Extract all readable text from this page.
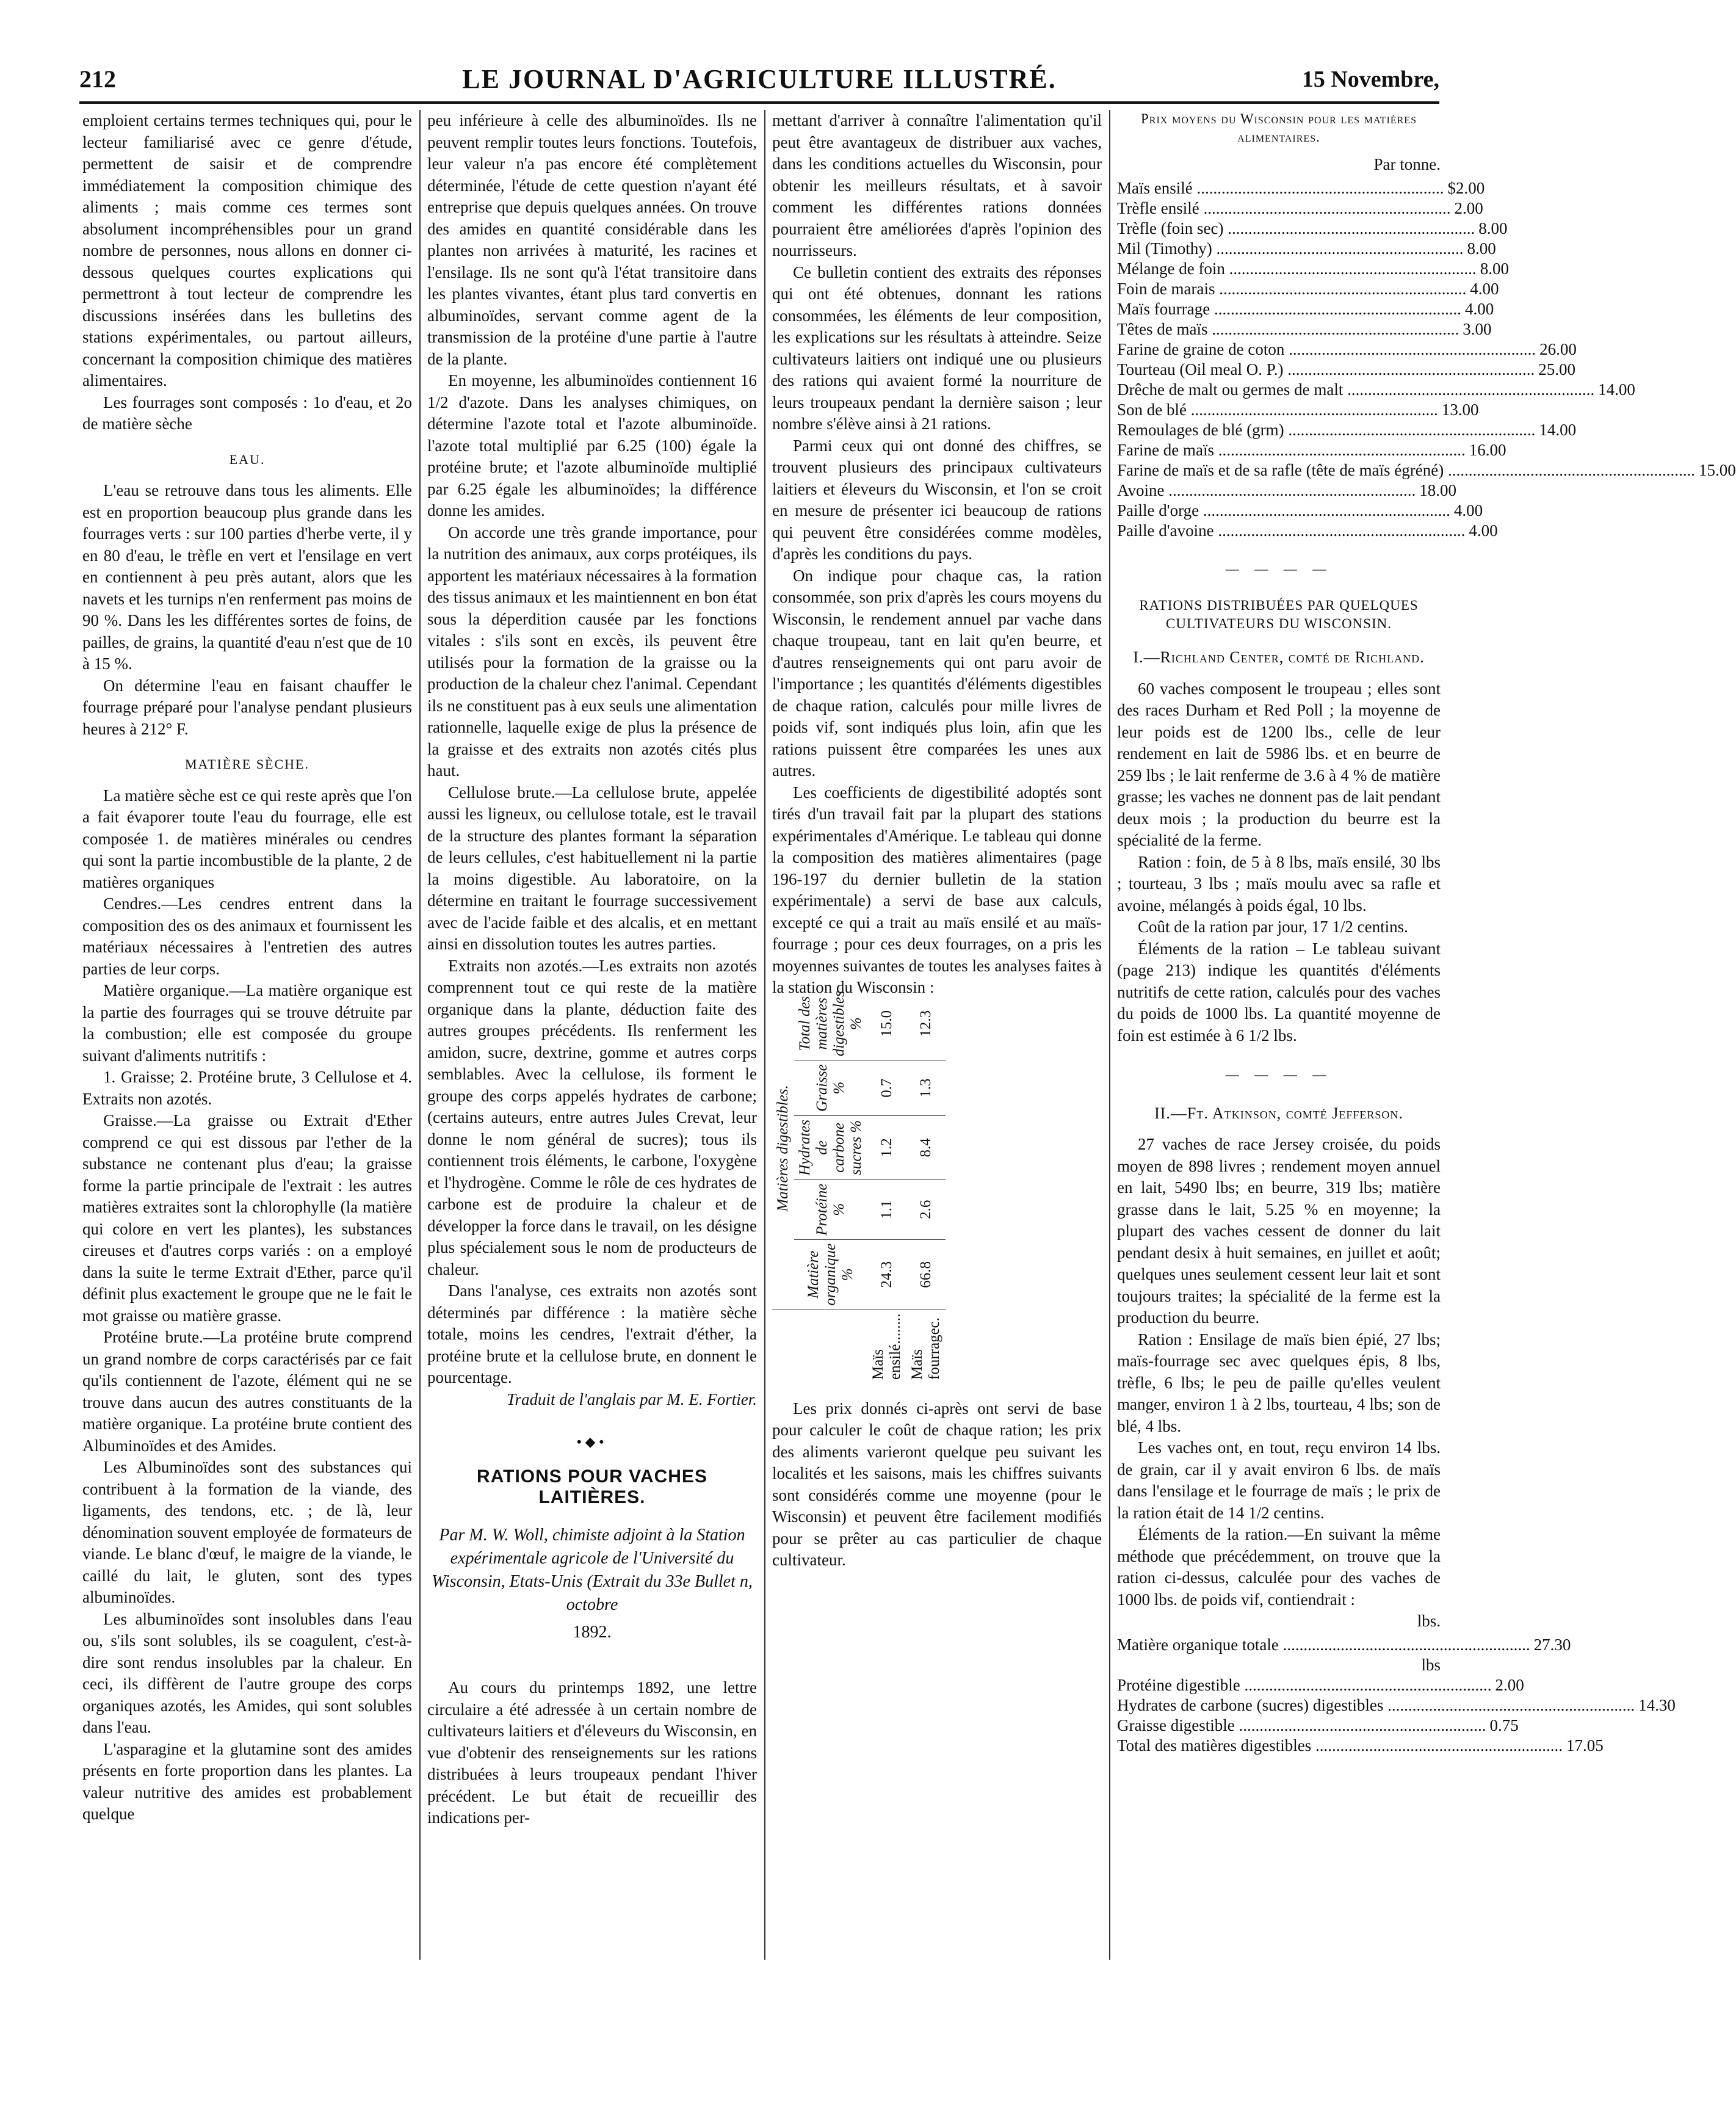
212	LE JOURNAL D'AGRICULTURE ILLUSTRÉ.	15 Novembre,

emploient certains termes techniques qui, pour le lecteur familiarisé avec ce genre d'étude, permettent de saisir et de comprendre immédiatement la composition chimique des aliments ; mais comme ces termes sont absolument incompréhensibles pour un grand nombre de personnes, nous allons en donner ci-dessous quelques courtes explications qui permettront à tout lecteur de comprendre les discussions insérées dans les bulletins des stations expérimentales, ou partout ailleurs, concernant la composition chimique des matières alimentaires.

Les fourrages sont composés : 1o d'eau, et 2o de matière sèche

EAU.

L'eau se retrouve dans tous les aliments. Elle est en proportion beaucoup plus grande dans les fourrages verts : sur 100 parties d'herbe verte, il y en 80 d'eau, le trèfle en vert et l'ensilage en vert en contiennent à peu près autant, alors que les navets et les turnips n'en renferment pas moins de 90 %. Dans les les différentes sortes de foins, de pailles, de grains, la quantité d'eau n'est que de 10 à 15 %.

On détermine l'eau en faisant chauffer le fourrage préparé pour l'analyse pendant plusieurs heures à 212° F.

MATIÈRE SÈCHE.

La matière sèche est ce qui reste après que l'on a fait évaporer toute l'eau du fourrage, elle est composée 1. de matières minérales ou cendres qui sont la partie incombustible de la plante, 2 de matières organiques

Cendres.—Les cendres entrent dans la composition des os des animaux et fournissent les matériaux nécessaires à l'entretien des autres parties de leur corps.

Matière organique.—La matière organique est la partie des fourrages qui se trouve détruite par la combustion; elle est composée du groupe suivant d'aliments nutritifs :

1. Graisse; 2. Protéine brute, 3 Cellulose et 4. Extraits non azotés.

Graisse.—La graisse ou Extrait d'Ether comprend ce qui est dissous par l'ether de la substance ne contenant plus d'eau; la graisse forme la partie principale de l'extrait : les autres matières extraites sont la chlorophylle (la matière qui colore en vert les plantes), les substances cireuses et d'autres corps variés : on a employé dans la suite le terme Extrait d'Ether, parce qu'il définit plus exactement le groupe que ne le fait le mot graisse ou matière grasse.

Protéine brute.—La protéine brute comprend un grand nombre de corps caractérisés par ce fait qu'ils contiennent de l'azote, élément qui ne se trouve dans aucun des autres constituants de la matière organique. La protéine brute contient des Albuminoïdes et des Amides.

Les Albuminoïdes sont des substances qui contribuent à la formation de la viande, des ligaments, des tendons, etc. ; de là, leur dénomination souvent employée de formateurs de viande. Le blanc d'œuf, le maigre de la viande, le caillé du lait, le gluten, sont des types albuminoïdes.

Les albuminoïdes sont insolubles dans l'eau ou, s'ils sont solubles, ils se coagulent, c'est-à-dire sont rendus insolubles par la chaleur. En ceci, ils diffèrent de l'autre groupe des corps organiques azotés, les Amides, qui sont solubles dans l'eau.

L'asparagine et la glutamine sont des amides présents en forte proportion dans les plantes. La valeur nutritive des amides est probablement quelque

peu inférieure à celle des albuminoïdes. Ils ne peuvent remplir toutes leurs fonctions. Toutefois, leur valeur n'a pas encore été complètement déterminée, l'étude de cette question n'ayant été entreprise que depuis quelques années. On trouve des amides en quantité considérable dans les plantes non arrivées à maturité, les racines et l'ensilage. Ils ne sont qu'à l'état transitoire dans les plantes vivantes, étant plus tard convertis en albuminoïdes, servant comme agent de la transmission de la protéine d'une partie à l'autre de la plante.

En moyenne, les albuminoïdes contiennent 16 1/2 d'azote. Dans les analyses chimiques, on détermine l'azote total et l'azote albuminoïde. l'azote total multiplié par 6.25 (100) égale la protéine brute; et l'azote albuminoïde multiplié par 6.25 égale les albuminoïdes; la différence donne les amides.

On accorde une très grande importance, pour la nutrition des animaux, aux corps protéiques, ils apportent les matériaux nécessaires à la formation des tissus animaux et les maintiennent en bon état sous la déperdition causée par les fonctions vitales : s'ils sont en excès, ils peuvent être utilisés pour la formation de la graisse ou la production de la chaleur chez l'animal. Cependant ils ne constituent pas à eux seuls une alimentation rationnelle, laquelle exige de plus la présence de la graisse et des extraits non azotés cités plus haut.

Cellulose brute.—La cellulose brute, appelée aussi les ligneux, ou cellulose totale, est le travail de la structure des plantes formant la séparation de leurs cellules, c'est habituellement ni la partie la moins digestible. Au laboratoire, on la détermine en traitant le fourrage successivement avec de l'acide faible et des alcalis, et en mettant ainsi en dissolution toutes les autres parties.

Extraits non azotés.—Les extraits non azotés comprennent tout ce qui reste de la matière organique dans la plante, déduction faite des autres groupes précédents. Ils renferment les amidon, sucre, dextrine, gomme et autres corps semblables. Avec la cellulose, ils forment le groupe des corps appelés hydrates de carbone; (certains auteurs, entre autres Jules Crevat, leur donne le nom général de sucres); tous ils contiennent trois éléments, le carbone, l'oxygène et l'hydrogène. Comme le rôle de ces hydrates de carbone est de produire la chaleur et de développer la force dans le travail, on les désigne plus spécialement sous le nom de producteurs de chaleur.

Dans l'analyse, ces extraits non azotés sont déterminés par différence : la matière sèche totale, moins les cendres, l'extrait d'éther, la protéine brute et la cellulose brute, en donnent le pourcentage.

Traduit de l'anglais par M. E. Fortier.

•◆•
RATIONS POUR VACHES LAITIÈRES.
Par M. W. Woll, chimiste adjoint à la Station expérimentale agricole de l'Université du Wisconsin, Etats-Unis (Extrait du 33e Bullet n, octobre
1892.

Au cours du printemps 1892, une lettre circulaire a été adressée à un certain nombre de cultivateurs laitiers et d'éleveurs du Wisconsin, en vue d'obtenir des renseignements sur les rations distribuées à leurs troupeaux pendant l'hiver précédent. Le but était de recueillir des indications per-

mettant d'arriver à connaître l'alimentation qu'il peut être avantageux de distribuer aux vaches, dans les conditions actuelles du Wisconsin, pour obtenir les meilleurs résultats, et à savoir comment les différentes rations données pourraient être améliorées d'après l'opinion des nourrisseurs.

Ce bulletin contient des extraits des réponses qui ont été obtenues, donnant les rations consommées, les éléments de leur composition, les explications sur les résultats à atteindre. Seize cultivateurs laitiers ont indiqué une ou plusieurs des rations qui avaient formé la nourriture de leurs troupeaux pendant la dernière saison ; leur nombre s'élève ainsi à 21 rations.

Parmi ceux qui ont donné des chiffres, se trouvent plusieurs des principaux cultivateurs laitiers et éleveurs du Wisconsin, et l'on se croit en mesure de présenter ici beaucoup de rations qui peuvent être considérées comme modèles, d'après les conditions du pays.

On indique pour chaque cas, la ration consommée, son prix d'après les cours moyens du Wisconsin, le rendement annuel par vache dans chaque troupeau, tant en lait qu'en beurre, et d'autres renseignements qui ont paru avoir de l'importance ; les quantités d'éléments digestibles de chaque ration, calculés pour mille livres de poids vif, sont indiqués plus loin, afin que les rations puissent être comparées les unes aux autres.

Les coefficients de digestibilité adoptés sont tirés d'un travail fait par la plupart des stations expérimentales d'Amérique. Le tableau qui donne la composition des matières alimentaires (page 196-197 du dernier bulletin de la station expérimentale) a servi de base aux calculs, excepté ce qui a trait au maïs ensilé et au maïs-fourrage ; pour ces deux fourrages, on a pris les moyennes suivantes de toutes les analyses faites à la station du Wisconsin :

	Matières digestibles.				
	Matière organique %	Protéine %	Hydrates de carbone sucres %	Graisse %	Total des matières digestibles %
Maïs ensilé........	24.3	1.1	1.2	0.7	15.0
Maïs fourragec.	66.8	2.6	8.4	1.3	12.3

Les prix donnés ci-après ont servi de base pour calculer le coût de chaque ration; les prix des aliments varieront quelque peu suivant les localités et les saisons, mais les chiffres suivants sont considérés comme une moyenne (pour le Wisconsin) et peuvent être facilement modifiés pour se prêter au cas particulier de chaque cultivateur.

Prix moyens du Wisconsin pour les matières alimentaires.
Par tonne.
Maïs ensilé ............................................................ $2.00
Trèfle ensilé ............................................................ 2.00
Trèfle (foin sec) ............................................................ 8.00
Mil (Timothy) ............................................................ 8.00
Mélange de foin ............................................................ 8.00
Foin de marais ............................................................ 4.00
Maïs fourrage ............................................................ 4.00
Têtes de maïs ............................................................ 3.00
Farine de graine de coton ............................................................ 26.00
Tourteau (Oil meal O. P.) ............................................................ 25.00
Drêche de malt ou germes de malt ............................................................ 14.00
Son de blé ............................................................ 13.00
Remoulages de blé (grm) ............................................................ 14.00
Farine de maïs ............................................................ 16.00
Farine de maïs et de sa rafle (tête de maïs égréné) ............................................................ 15.00
Avoine ............................................................ 18.00
Paille d'orge ............................................................ 4.00
Paille d'avoine ............................................................ 4.00
— — — —
RATIONS DISTRIBUÉES PAR QUELQUES CULTIVATEURS DU WISCONSIN.
I.—Richland Center, comté de Richland.

60 vaches composent le troupeau ; elles sont des races Durham et Red Poll ; la moyenne de leur poids est de 1200 lbs., celle de leur rendement en lait de 5986 lbs. et en beurre de 259 lbs ; le lait renferme de 3.6 à 4 % de matière grasse; les vaches ne donnent pas de lait pendant deux mois ; la production du beurre est la spécialité de la ferme.

Ration : foin, de 5 à 8 lbs, maïs ensilé, 30 lbs ; tourteau, 3 lbs ; maïs moulu avec sa rafle et avoine, mélangés à poids égal, 10 lbs.

Coût de la ration par jour, 17 1/2 centins.

Éléments de la ration – Le tableau suivant (page 213) indique les quantités d'éléments nutritifs de cette ration, calculés pour des vaches du poids de 1000 lbs. La quantité moyenne de foin est estimée à 6 1/2 lbs.

— — — —
II.—Ft. Atkinson, comté Jefferson.

27 vaches de race Jersey croisée, du poids moyen de 898 livres ; rendement moyen annuel en lait, 5490 lbs; en beurre, 319 lbs; matière grasse dans le lait, 5.25 % en moyenne; la plupart des vaches cessent de donner du lait pendant desix à huit semaines, en juillet et août; quelques unes seulement cessent leur lait et sont toujours traites; la spécialité de la ferme est la production du beurre.

Ration : Ensilage de maïs bien épié, 27 lbs; maïs-fourrage sec avec quelques épis, 8 lbs, trèfle, 6 lbs; le peu de paille qu'elles veulent manger, environ 1 à 2 lbs, tourteau, 4 lbs; son de blé, 4 lbs.

Les vaches ont, en tout, reçu environ 14 lbs. de grain, car il y avait environ 6 lbs. de maïs dans l'ensilage et le fourrage de maïs ; le prix de la ration était de 14 1/2 centins.

Éléments de la ration.—En suivant la même méthode que précédemment, on trouve que la ration ci-dessus, calculée pour des vaches de 1000 lbs. de poids vif, contiendrait :

lbs.
Matière organique totale ............................................................ 27.30
lbs
Protéine digestible ............................................................ 2.00
Hydrates de carbone (sucres) digestibles ............................................................ 14.30
Graisse digestible ............................................................ 0.75
Total des matières digestibles ............................................................ 17.05
